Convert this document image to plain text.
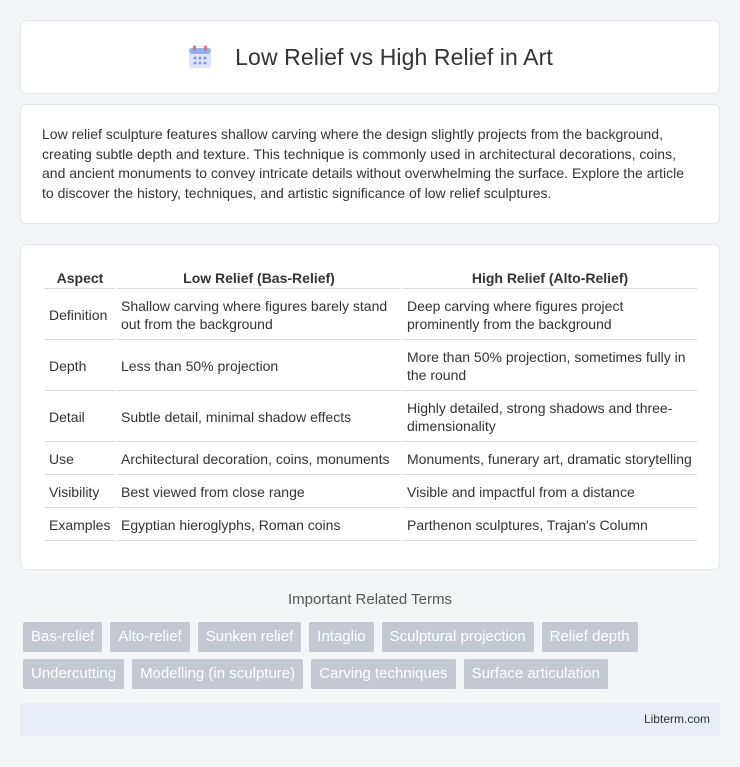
Low Relief vs High Relief in Art

Low relief sculpture features shallow carving where the design slightly projects from the background, creating subtle depth and texture. This technique is commonly used in architectural decorations, coins, and ancient monuments to convey intricate details without overwhelming the surface. Explore the article to discover the history, techniques, and artistic significance of low relief sculptures.

Aspect	Low Relief (Bas-Relief)	High Relief (Alto-Relief)
Definition	Shallow carving where figures barely stand out from the background	Deep carving where figures project prominently from the background
Depth	Less than 50% projection	More than 50% projection, sometimes fully in the round
Detail	Subtle detail, minimal shadow effects	Highly detailed, strong shadows and three-dimensionality
Use	Architectural decoration, coins, monuments	Monuments, funerary art, dramatic storytelling
Visibility	Best viewed from close range	Visible and impactful from a distance
Examples	Egyptian hieroglyphs, Roman coins	Parthenon sculptures, Trajan's Column
Important Related Terms
Bas-relief	Alto-relief	Sunken relief	Intaglio	Sculptural projection	Relief depth
Undercutting	Modelling (in sculpture)	Carving techniques	Surface articulation
Libterm.com
